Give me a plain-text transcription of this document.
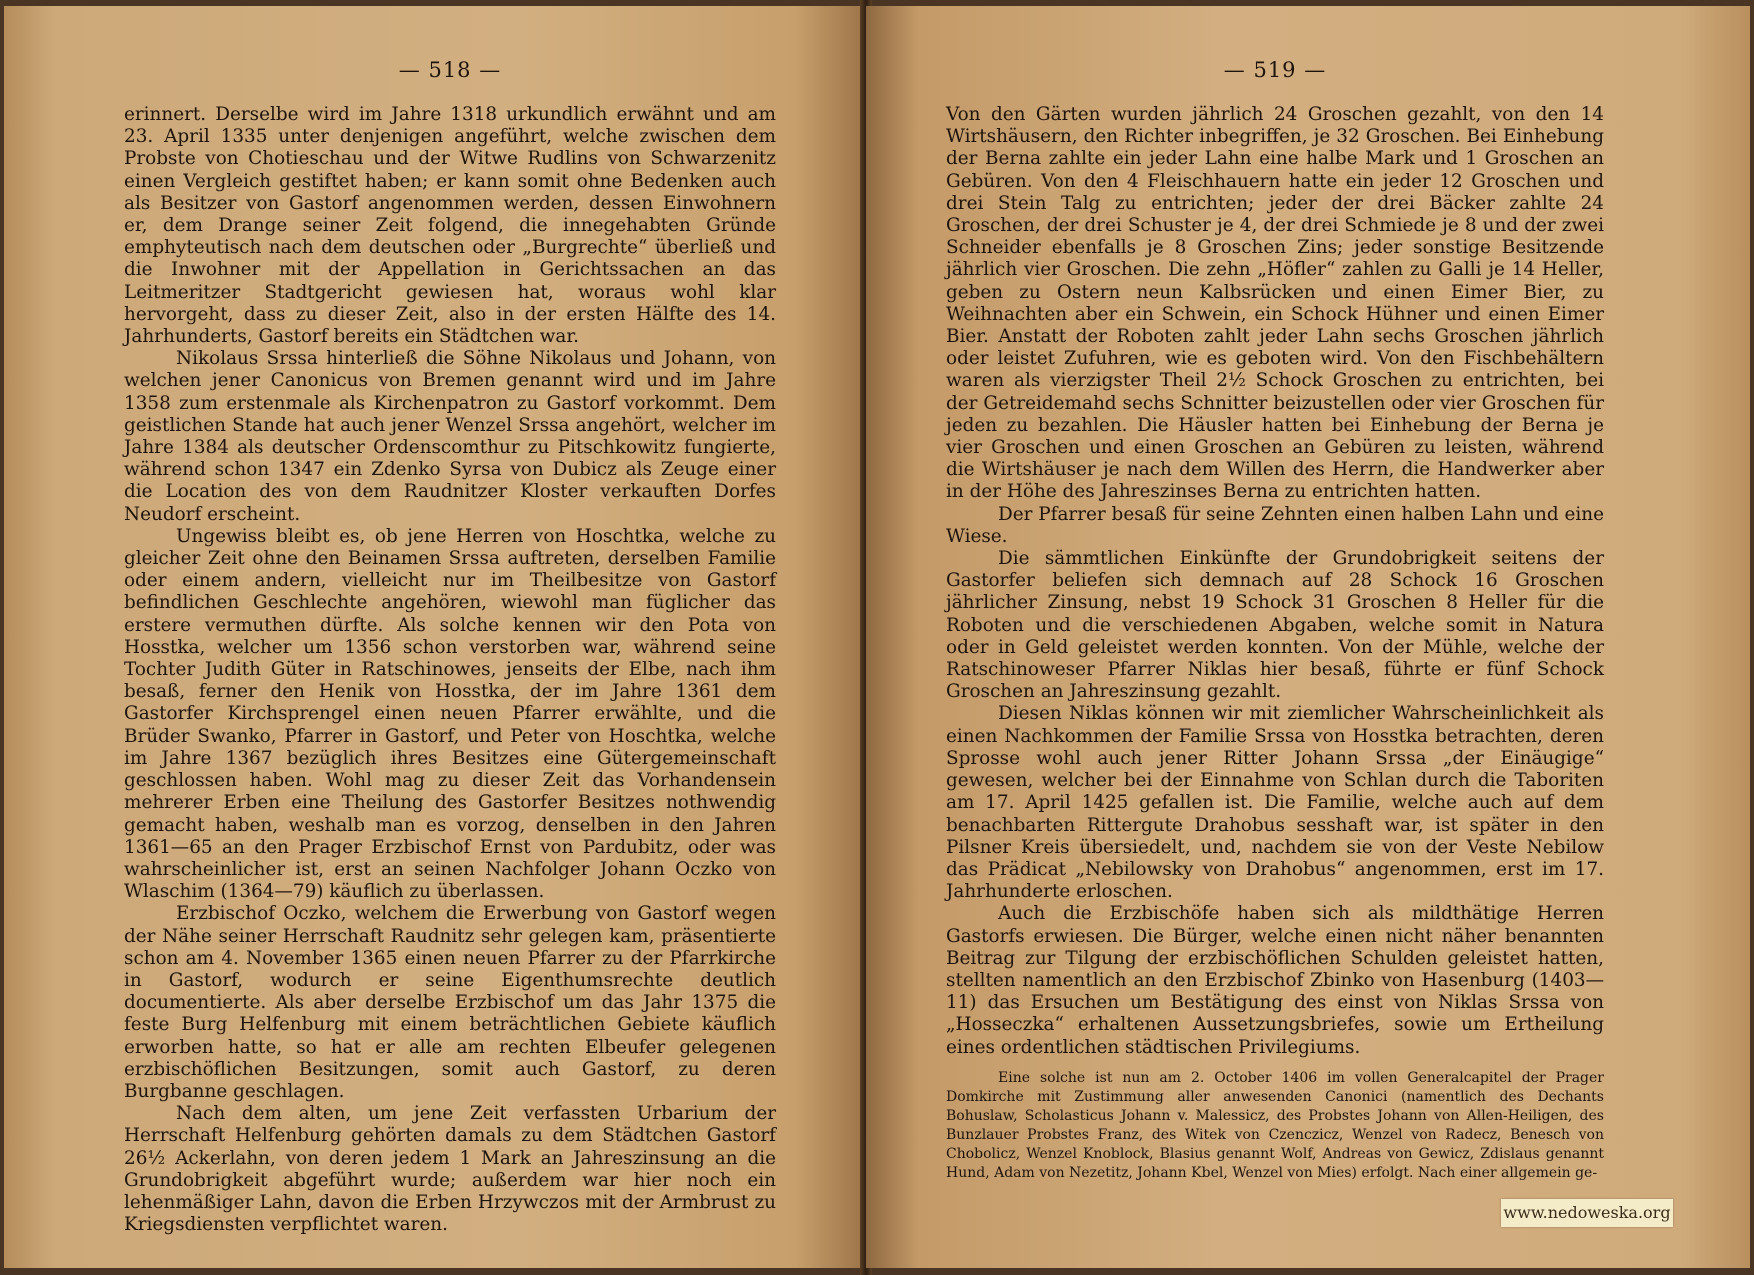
— 518 —

erinnert. Derselbe wird im Jahre 1318 urkundlich erwähnt und am 23. April 1335 unter denjenigen angeführt, welche zwischen dem Probste von Chotieschau und der Witwe Rudlins von Schwarzenitz einen Vergleich gestiftet haben; er kann somit ohne Bedenken auch als Besitzer von Gastorf angenommen werden, dessen Einwohnern er, dem Drange seiner Zeit folgend, die innegehabten Gründe emphyteutisch nach dem deutschen oder „Burgrechte“ überließ und die Inwohner mit der Appellation in Gerichtssachen an das Leitmeritzer Stadtgericht gewiesen hat, woraus wohl klar hervorgeht, dass zu dieser Zeit, also in der ersten Hälfte des 14. Jahrhunderts, Gastorf bereits ein Städtchen war.

Nikolaus Srssa hinterließ die Söhne Nikolaus und Johann, von welchen jener Canonicus von Bremen genannt wird und im Jahre 1358 zum erstenmale als Kirchenpatron zu Gastorf vorkommt. Dem geistlichen Stande hat auch jener Wenzel Srssa angehört, welcher im Jahre 1384 als deutscher Ordenscomthur zu Pitschkowitz fungierte, während schon 1347 ein Zdenko Syrsa von Dubicz als Zeuge einer die Location des von dem Raudnitzer Kloster verkauften Dorfes Neudorf erscheint.

Ungewiss bleibt es, ob jene Herren von Hoschtka, welche zu gleicher Zeit ohne den Beinamen Srssa auftreten, derselben Familie oder einem andern, vielleicht nur im Theilbesitze von Gastorf befindlichen Geschlechte angehören, wiewohl man füglicher das erstere vermuthen dürfte. Als solche kennen wir den Pota von Hosstka, welcher um 1356 schon verstorben war, während seine Tochter Judith Güter in Ratschinowes, jenseits der Elbe, nach ihm besaß, ferner den Henik von Hosstka, der im Jahre 1361 dem Gastorfer Kirchsprengel einen neuen Pfarrer erwählte, und die Brüder Swanko, Pfarrer in Gastorf, und Peter von Hoschtka, welche im Jahre 1367 bezüglich ihres Besitzes eine Gütergemeinschaft geschlossen haben. Wohl mag zu dieser Zeit das Vorhandensein mehrerer Erben eine Theilung des Gastorfer Besitzes nothwendig gemacht haben, weshalb man es vorzog, denselben in den Jahren 1361—65 an den Prager Erzbischof Ernst von Pardubitz, oder was wahrscheinlicher ist, erst an seinen Nachfolger Johann Oczko von Wlaschim (1364—79) käuflich zu überlassen.

Erzbischof Oczko, welchem die Erwerbung von Gastorf wegen der Nähe seiner Herrschaft Raudnitz sehr gelegen kam, präsentierte schon am 4. November 1365 einen neuen Pfarrer zu der Pfarrkirche in Gastorf, wodurch er seine Eigenthumsrechte deutlich documentierte. Als aber derselbe Erzbischof um das Jahr 1375 die feste Burg Helfenburg mit einem beträchtlichen Gebiete käuflich erworben hatte, so hat er alle am rechten Elbeufer gelegenen erzbischöflichen Besitzungen, somit auch Gastorf, zu deren Burgbanne geschlagen.

Nach dem alten, um jene Zeit verfassten Urbarium der Herrschaft Helfenburg gehörten damals zu dem Städtchen Gastorf 26½ Ackerlahn, von deren jedem 1 Mark an Jahreszinsung an die Grundobrigkeit abgeführt wurde; außerdem war hier noch ein lehenmäßiger Lahn, davon die Erben Hrzywczos mit der Armbrust zu Kriegsdiensten verpflichtet waren.

— 519 —

Von den Gärten wurden jährlich 24 Groschen gezahlt, von den 14 Wirtshäusern, den Richter inbegriffen, je 32 Groschen. Bei Einhebung der Berna zahlte ein jeder Lahn eine halbe Mark und 1 Groschen an Gebüren. Von den 4 Fleischhauern hatte ein jeder 12 Groschen und drei Stein Talg zu entrichten; jeder der drei Bäcker zahlte 24 Groschen, der drei Schuster je 4, der drei Schmiede je 8 und der zwei Schneider ebenfalls je 8 Groschen Zins; jeder sonstige Besitzende jährlich vier Groschen. Die zehn „Höfler“ zahlen zu Galli je 14 Heller, geben zu Ostern neun Kalbsrücken und einen Eimer Bier, zu Weihnachten aber ein Schwein, ein Schock Hühner und einen Eimer Bier. Anstatt der Roboten zahlt jeder Lahn sechs Groschen jährlich oder leistet Zufuhren, wie es geboten wird. Von den Fischbehältern waren als vierzigster Theil 2½ Schock Groschen zu entrichten, bei der Getreidemahd sechs Schnitter beizustellen oder vier Groschen für jeden zu bezahlen. Die Häusler hatten bei Einhebung der Berna je vier Groschen und einen Groschen an Gebüren zu leisten, während die Wirtshäuser je nach dem Willen des Herrn, die Handwerker aber in der Höhe des Jahreszinses Berna zu entrichten hatten.

Der Pfarrer besaß für seine Zehnten einen halben Lahn und eine Wiese.

Die sämmtlichen Einkünfte der Grundobrigkeit seitens der Gastorfer beliefen sich demnach auf 28 Schock 16 Groschen jährlicher Zinsung, nebst 19 Schock 31 Groschen 8 Heller für die Roboten und die verschiedenen Abgaben, welche somit in Natura oder in Geld geleistet werden konnten. Von der Mühle, welche der Ratschinoweser Pfarrer Niklas hier besaß, führte er fünf Schock Groschen an Jahreszinsung gezahlt.

Diesen Niklas können wir mit ziemlicher Wahrscheinlichkeit als einen Nachkommen der Familie Srssa von Hosstka betrachten, deren Sprosse wohl auch jener Ritter Johann Srssa „der Einäugige“ gewesen, welcher bei der Einnahme von Schlan durch die Taboriten am 17. April 1425 gefallen ist. Die Familie, welche auch auf dem benachbarten Rittergute Drahobus sesshaft war, ist später in den Pilsner Kreis übersiedelt, und, nachdem sie von der Veste Nebilow das Prädicat „Nebilowsky von Drahobus“ angenommen, erst im 17. Jahrhunderte erloschen.

Auch die Erzbischöfe haben sich als mildthätige Herren Gastorfs erwiesen. Die Bürger, welche einen nicht näher benannten Beitrag zur Tilgung der erzbischöflichen Schulden geleistet hatten, stellten namentlich an den Erzbischof Zbinko von Hasenburg (1403—11) das Ersuchen um Bestätigung des einst von Niklas Srssa von „Hosseczka“ erhaltenen Aussetzungsbriefes, sowie um Ertheilung eines ordentlichen städtischen Privilegiums.

Eine solche ist nun am 2. October 1406 im vollen Generalcapitel der Prager Domkirche mit Zustimmung aller anwesenden Canonici (namentlich des Dechants Bohuslaw, Scholasticus Johann v. Malessicz, des Probstes Johann von Allen-Heiligen, des Bunzlauer Probstes Franz, des Witek von Czenczicz, Wenzel von Radecz, Benesch von Chobolicz, Wenzel Knoblock, Blasius genannt Wolf, Andreas von Gewicz, Zdislaus genannt Hund, Adam von Nezetitz, Johann Kbel, Wenzel von Mies) erfolgt. Nach einer allgemein ge-

www.nedoweska.org
